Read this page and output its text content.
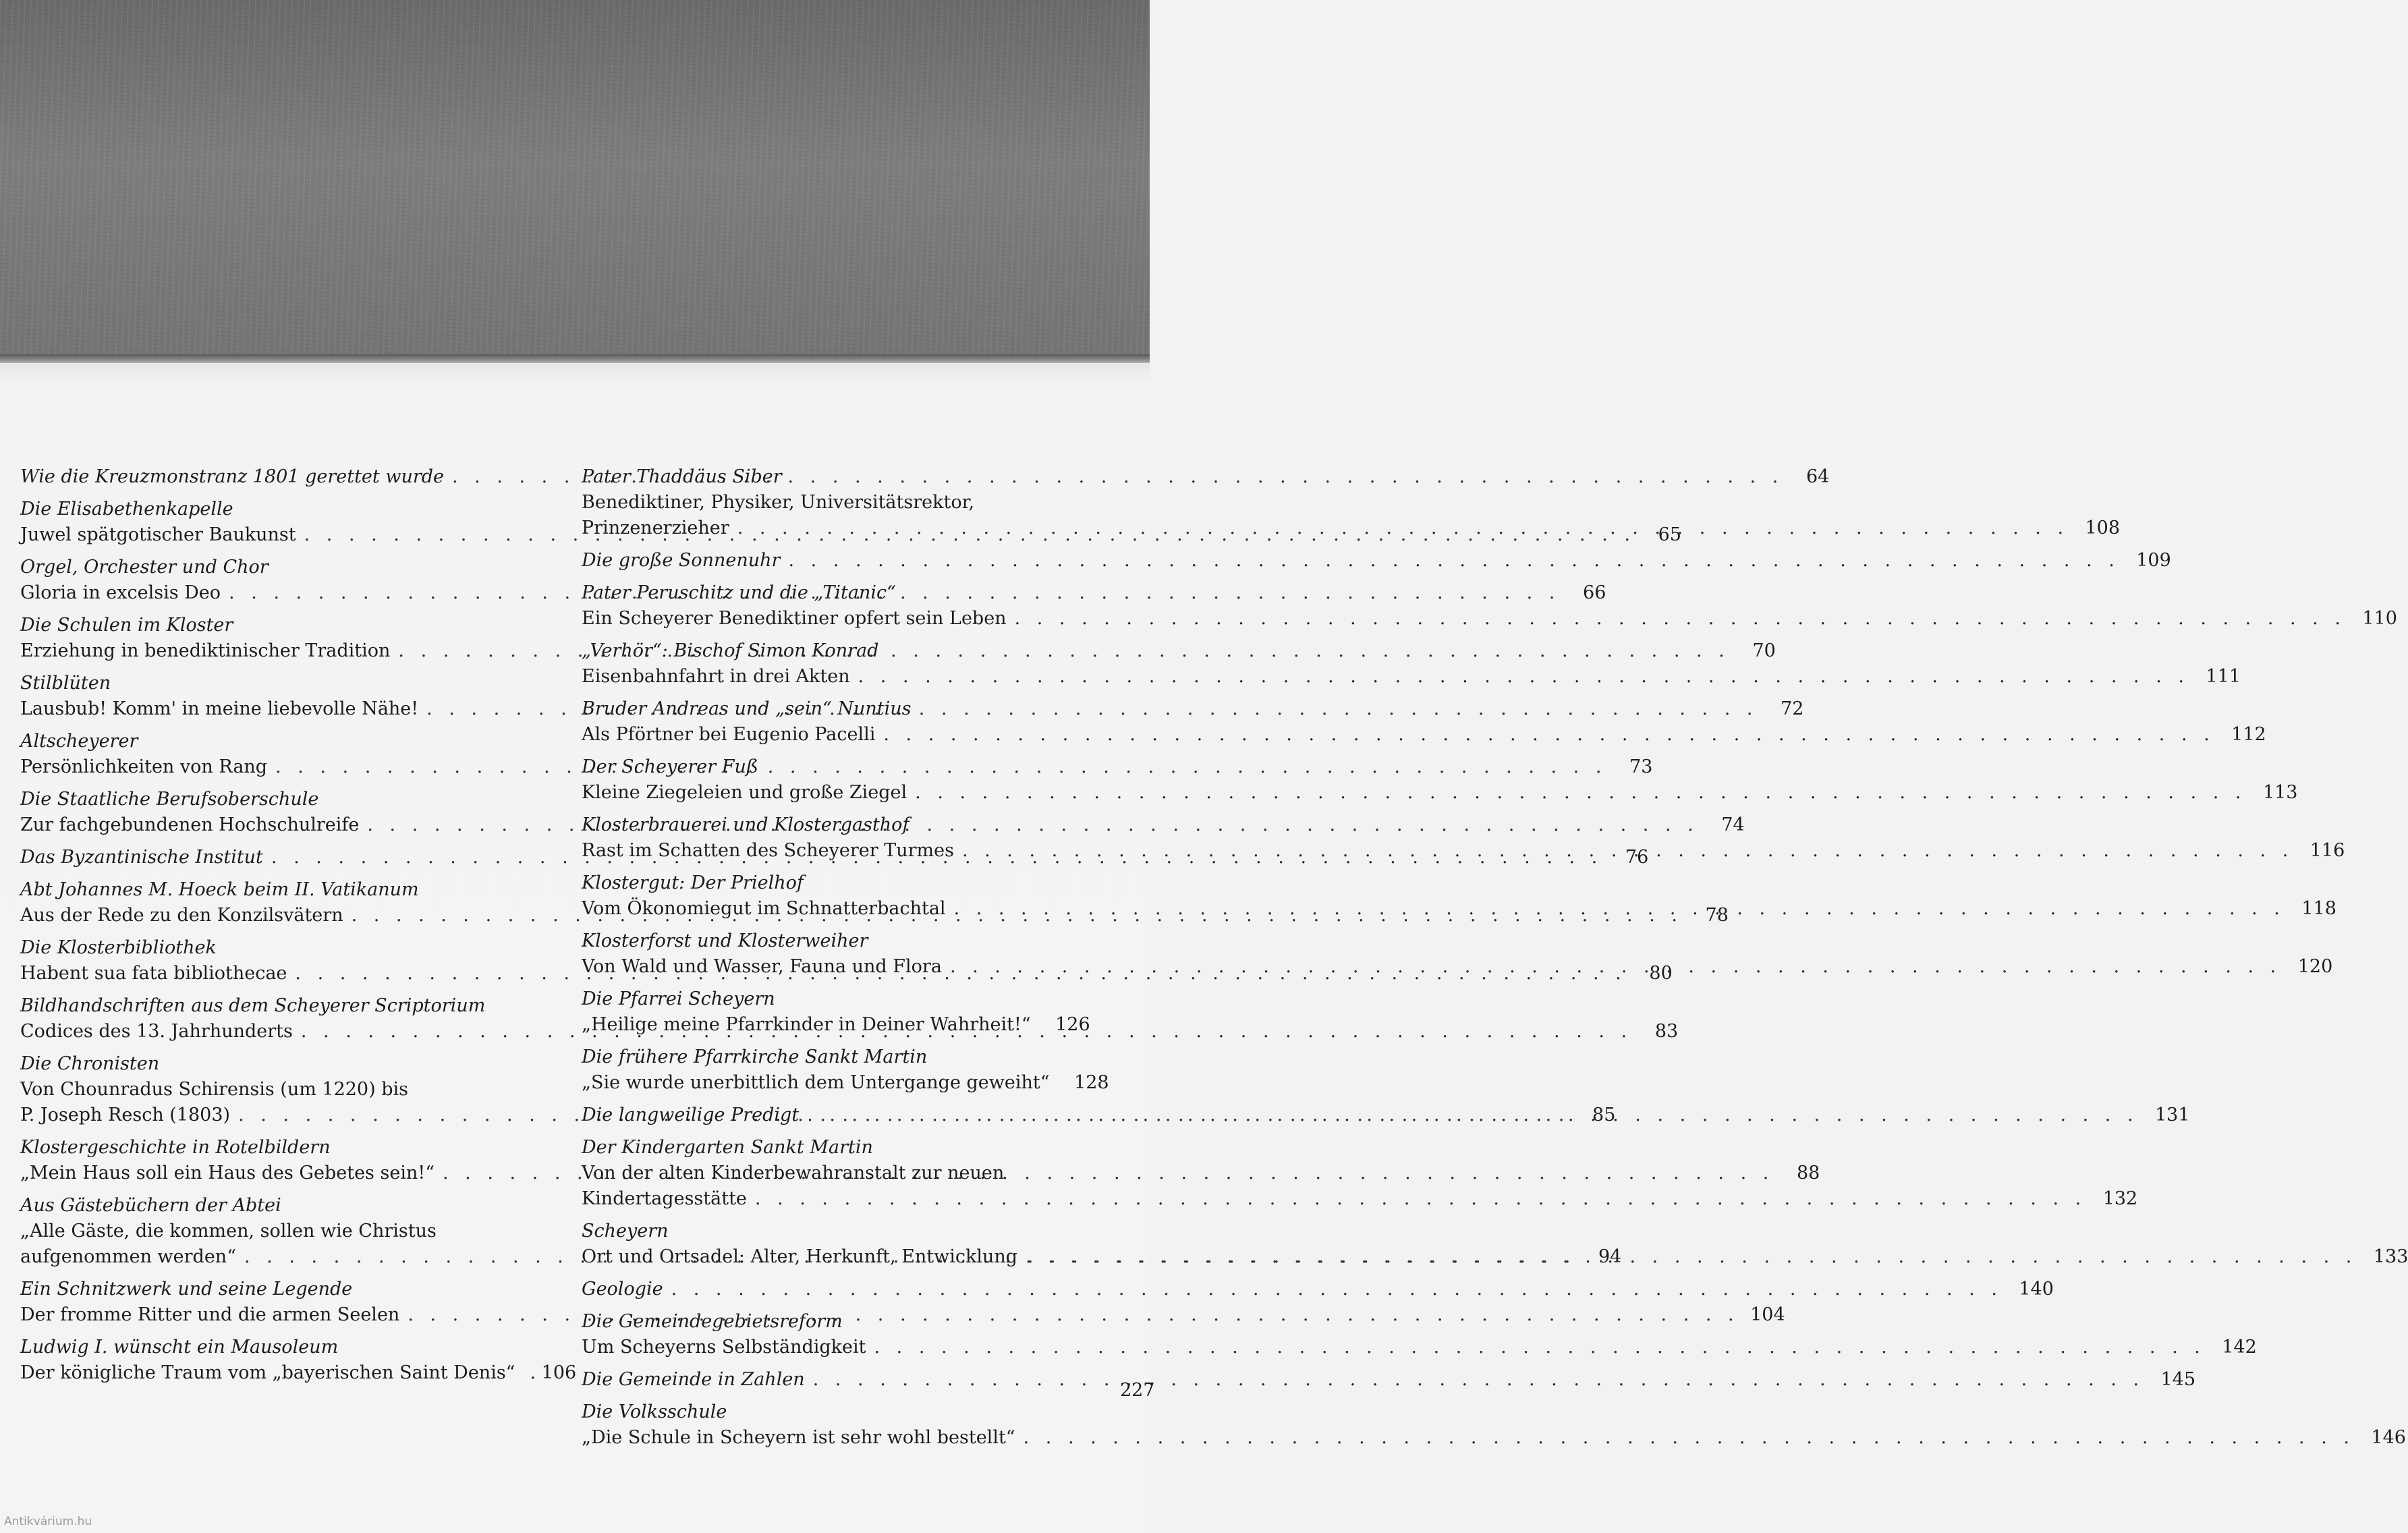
Wie die Kreuzmonstranz 1801 gerettet wurde . . .	64
Die Elisabethenkapelle
Juwel spätgotischer Baukunst . . .	65
Orgel, Orchester und Chor
Gloria in excelsis Deo . . .	66
Die Schulen im Kloster
Erziehung in benediktinischer Tradition . . .	70
Stilblüten
Lausbub! Komm' in meine liebevolle Nähe! . . .	72
Altscheyerer
Persönlichkeiten von Rang . . .	73
Die Staatliche Berufsoberschule
Zur fachgebundenen Hochschulreife . . .	74
Das Byzantinische Institut . . .	76
Abt Johannes M. Hoeck beim II. Vatikanum
Aus der Rede zu den Konzilsvätern . . .	78
Die Klosterbibliothek
Habent sua fata bibliothecae . . .	80
Bildhandschriften aus dem Scheyerer Scriptorium
Codices des 13. Jahrhunderts . . .	83
Die Chronisten
Von Chounradus Schirensis (um 1220) bis
P. Joseph Resch (1803) . . .	85
Klostergeschichte in Rotelbildern
„Mein Haus soll ein Haus des Gebetes sein!“ . . .	88
Aus Gästebüchern der Abtei
„Alle Gäste, die kommen, sollen wie Christus
aufgenommen werden“ . . .	94
Ein Schnitzwerk und seine Legende
Der fromme Ritter und die armen Seelen . . .	104
Ludwig I. wünscht ein Mausoleum
Der königliche Traum vom „bayerischen Saint Denis“ . 106
Pater Thaddäus Siber
Benediktiner, Physiker, Universitätsrektor,
Prinzenerzieher . . .	108
Die große Sonnenuhr . . .	109
Pater Peruschitz und die „Titanic“
Ein Scheyerer Benediktiner opfert sein Leben . . .	110
„Verhör“: Bischof Simon Konrad
Eisenbahnfahrt in drei Akten . . .	111
Bruder Andreas und „sein“ Nuntius
Als Pförtner bei Eugenio Pacelli . . .	112
Der Scheyerer Fuß
Kleine Ziegeleien und große Ziegel . . .	113
Klosterbrauerei und Klostergasthof
Rast im Schatten des Scheyerer Turmes . . .	116
Klostergut: Der Prielhof
Vom Ökonomiegut im Schnatterbachtal . . .	118
Klosterforst und Klosterweiher
Von Wald und Wasser, Fauna und Flora . . .	120
Die Pfarrei Scheyern
„Heilige meine Pfarrkinder in Deiner Wahrheit!“	126
Die frühere Pfarrkirche Sankt Martin
„Sie wurde unerbittlich dem Untergange geweiht“	128
Die langweilige Predigt . . .	131
Der Kindergarten Sankt Martin
Von der alten Kinderbewahranstalt zur neuen
Kindertagesstätte . . .	132
Scheyern
Ort und Ortsadel: Alter, Herkunft, Entwicklung . . .	133
Geologie . . .	140
Die Gemeindegebietsreform
Um Scheyerns Selbständigkeit . . .	142
Die Gemeinde in Zahlen . . .	145
Die Volksschule
„Die Schule in Scheyern ist sehr wohl bestellt“ . . .	146
227
Antikvárium.hu
